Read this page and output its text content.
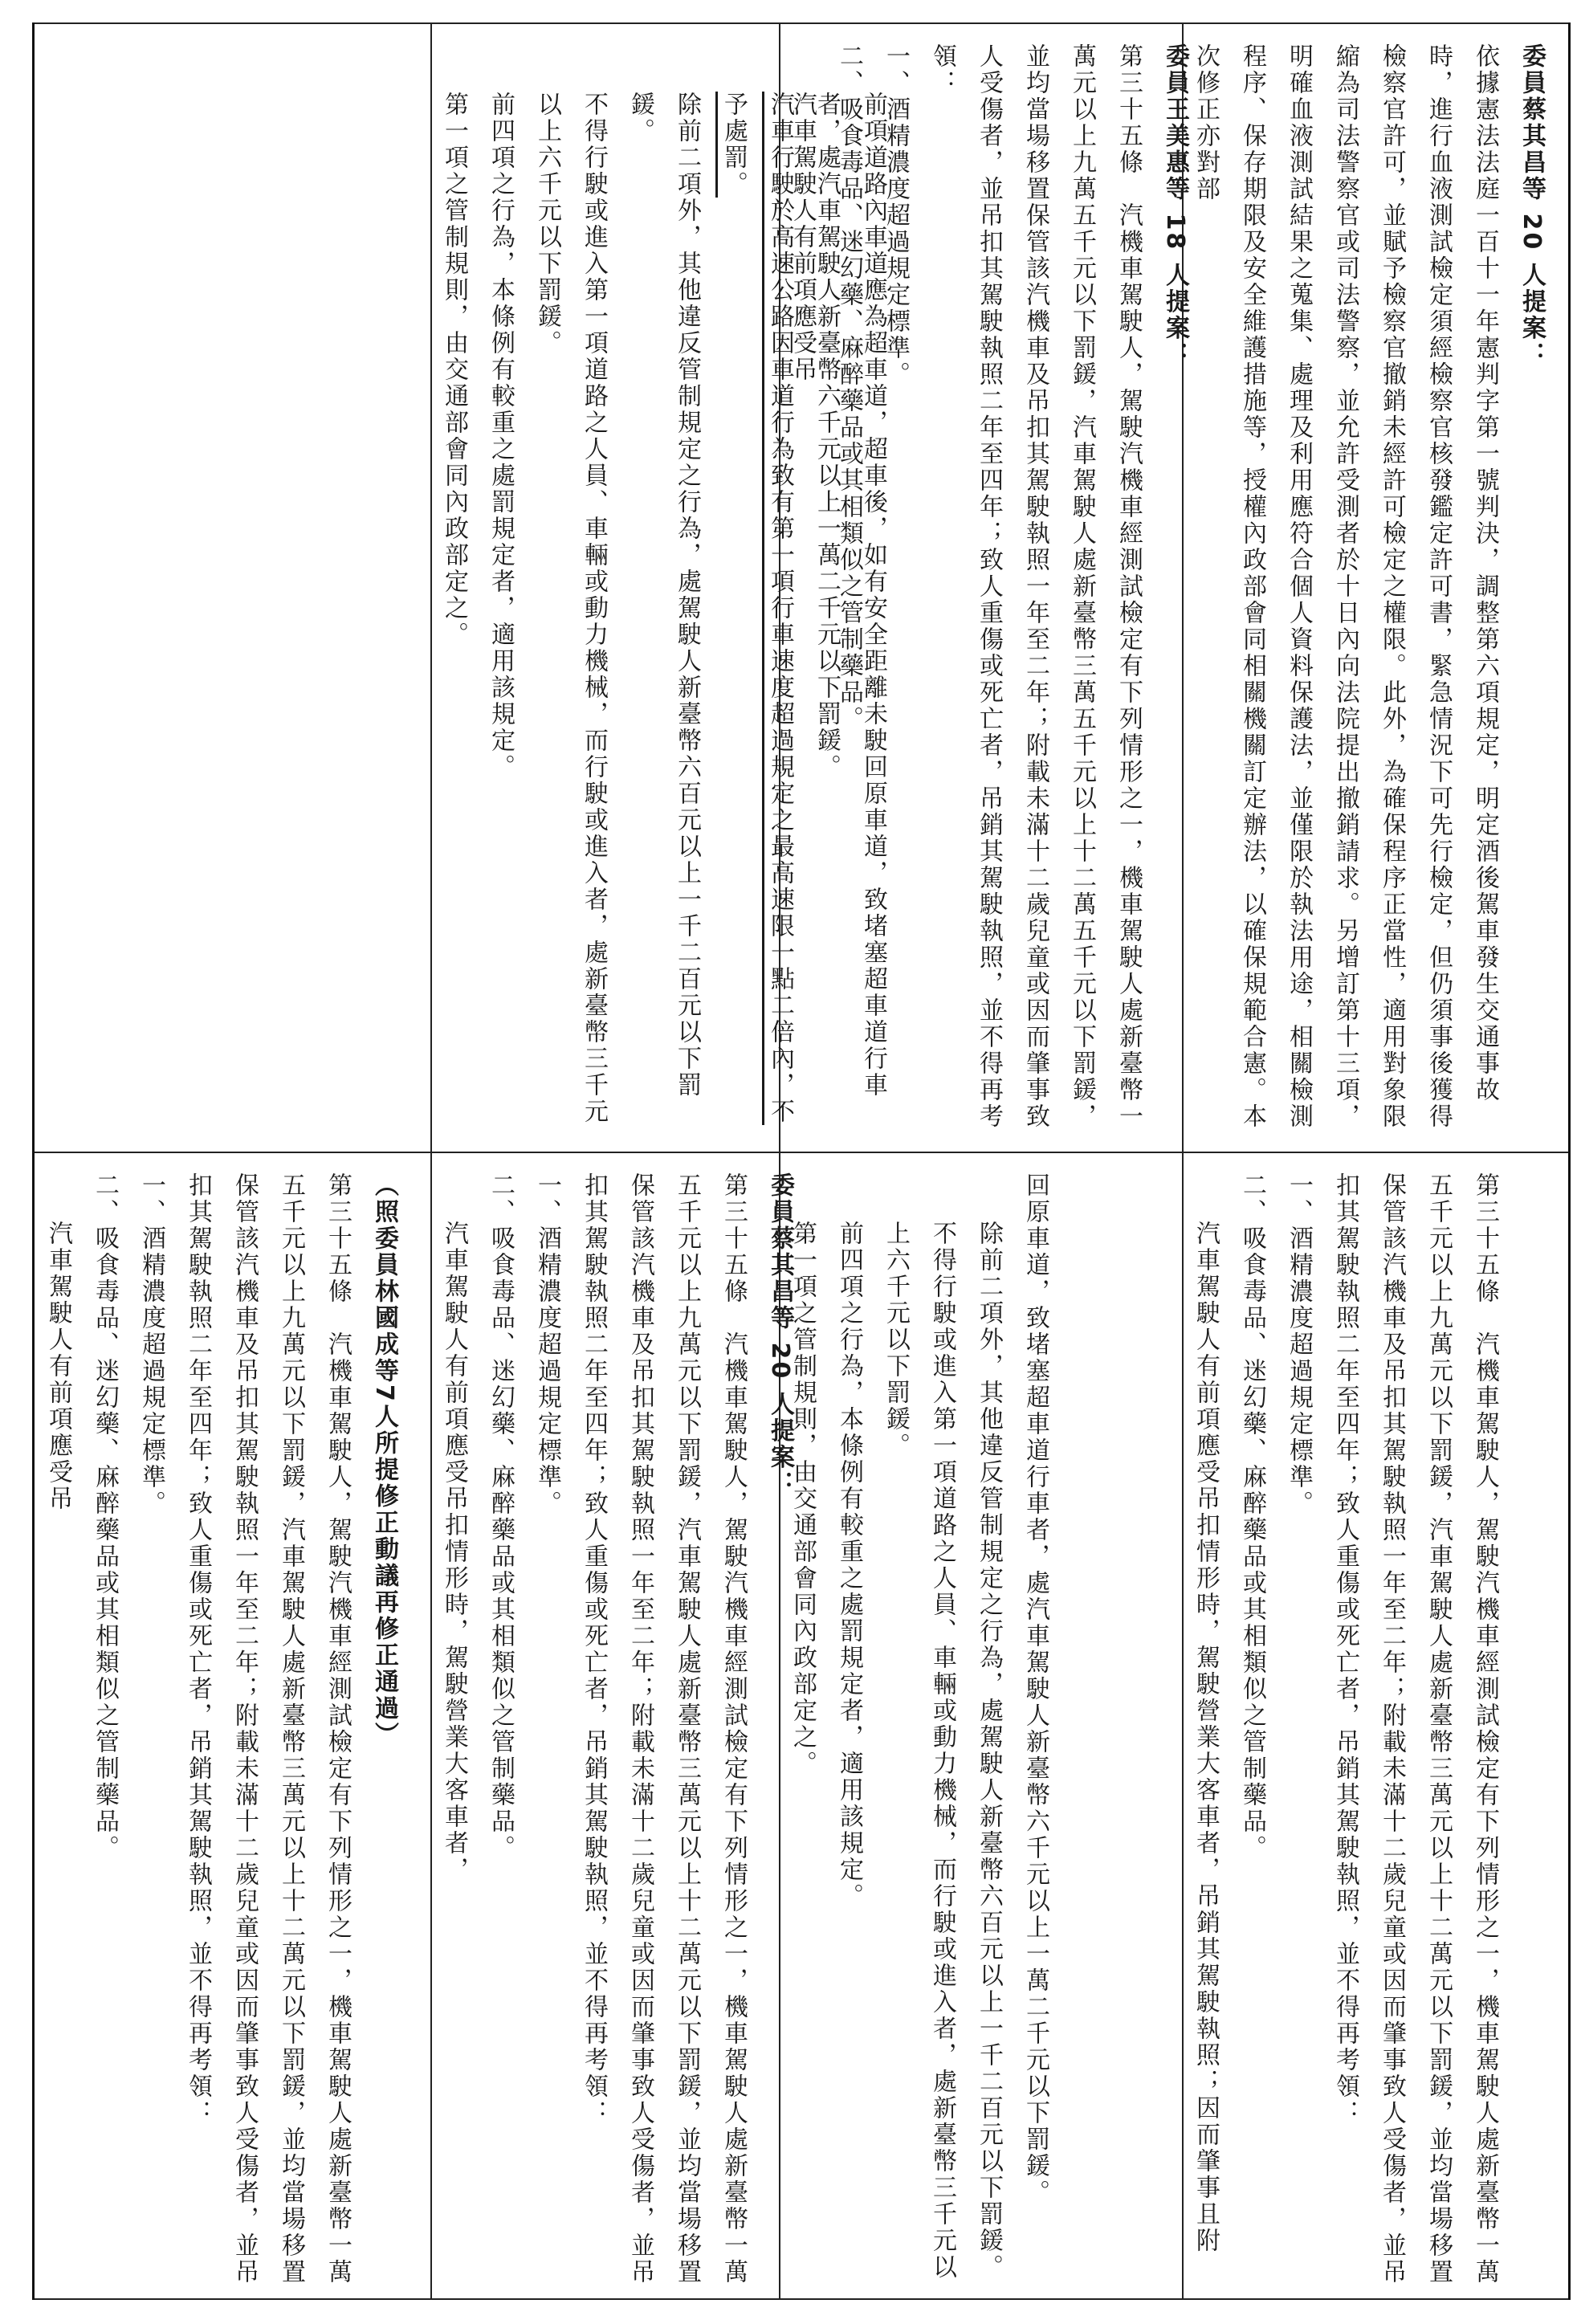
（照委員林國成等7人所提修正動議再修正通過）

第三十五條　汽機車駕駛人，駕駛汽機車經測試檢定有下列情形之一，機車駕駛人處新臺幣一萬五千元以上九萬元以下罰鍰，汽車駕駛人處新臺幣三萬元以上十二萬元以下罰鍰，並均當場移置保管該汽機車及吊扣其駕駛執照一年至二年；附載未滿十二歲兒童或因而肇事致人受傷者，並吊扣其駕駛執照二年至四年；致人重傷或死亡者，吊銷其駕駛執照，並不得再考領：

一、酒精濃度超過規定標準。

二、吸食毒品、迷幻藥、麻醉藥品或其相類似之管制藥品。

汽車駕駛人有前項應受吊

前項道路內車道應為超車道，超車後，如有安全距離未駛回原車道，致堵塞超車道行車者，處汽車駕駛人新臺幣六千元以上一萬二千元以下罰鍰。

汽車行駛於高速公路因車道行為致有第一項行車速度超過規定之最高速限一點二倍內，不予處罰。

除前二項外，其他違反管制規定之行為，處駕駛人新臺幣六百元以上一千二百元以下罰鍰。

不得行駛或進入第一項道路之人員、車輛或動力機械，而行駛或進入者，處新臺幣三千元以上六千元以下罰鍰。

前四項之行為，本條例有較重之處罰規定者，適用該規定。

第一項之管制規則，由交通部會同內政部定之。

委員蔡其昌等 20 人提案：

第三十五條　汽機車駕駛人，駕駛汽機車經測試檢定有下列情形之一，機車駕駛人處新臺幣一萬五千元以上九萬元以下罰鍰，汽車駕駛人處新臺幣三萬元以上十二萬元以下罰鍰，並均當場移置保管該汽機車及吊扣其駕駛執照一年至二年；附載未滿十二歲兒童或因而肇事致人受傷者，並吊扣其駕駛執照二年至四年；致人重傷或死亡者，吊銷其駕駛執照，並不得再考領：

一、酒精濃度超過規定標準。

二、吸食毒品、迷幻藥、麻醉藥品或其相類似之管制藥品。

汽車駕駛人有前項應受吊扣情形時，駕駛營業大客車者，

委員王美惠等 18 人提案：

第三十五條　汽機車駕駛人，駕駛汽機車經測試檢定有下列情形之一，機車駕駛人處新臺幣一萬元以上九萬五千元以下罰鍰，汽車駕駛人處新臺幣三萬五千元以上十二萬五千元以下罰鍰，並均當場移置保管該汽機車及吊扣其駕駛執照一年至二年；附載未滿十二歲兒童或因而肇事致人受傷者，並吊扣其駕駛執照二年至四年；致人重傷或死亡者，吊銷其駕駛執照，並不得再考領：

一、酒精濃度超過規定標準。

二、吸食毒品、迷幻藥、麻醉藥品或其相類似之管制藥品。

汽車駕駛人有前項應受吊

回原車道，致堵塞超車道行車者，處汽車駕駛人新臺幣六千元以上一萬二千元以下罰鍰。

除前二項外，其他違反管制規定之行為，處駕駛人新臺幣六百元以上一千二百元以下罰鍰。

不得行駛或進入第一項道路之人員、車輛或動力機械，而行駛或進入者，處新臺幣三千元以上六千元以下罰鍰。

前四項之行為，本條例有較重之處罰規定者，適用該規定。

第一項之管制規則，由交通部會同內政部定之。

委員蔡其昌等 20 人提案：

依據憲法法庭一百十一年憲判字第一號判決，調整第六項規定，明定酒後駕車發生交通事故時，進行血液測試檢定須經檢察官核發鑑定許可書，緊急情況下可先行檢定，但仍須事後獲得檢察官許可，並賦予檢察官撤銷未經許可檢定之權限。此外，為確保程序正當性，適用對象限縮為司法警察官或司法警察，並允許受測者於十日內向法院提出撤銷請求。另增訂第十三項，明確血液測試結果之蒐集、處理及利用應符合個人資料保護法，並僅限於執法用途，相關檢測程序、保存期限及安全維護措施等，授權內政部會同相關機關訂定辦法，以確保規範合憲。本次修正亦對部

第三十五條　汽機車駕駛人，駕駛汽機車經測試檢定有下列情形之一，機車駕駛人處新臺幣一萬五千元以上九萬元以下罰鍰，汽車駕駛人處新臺幣三萬元以上十二萬元以下罰鍰，並均當場移置保管該汽機車及吊扣其駕駛執照一年至二年；附載未滿十二歲兒童或因而肇事致人受傷者，並吊扣其駕駛執照二年至四年；致人重傷或死亡者，吊銷其駕駛執照，並不得再考領：

一、酒精濃度超過規定標準。

二、吸食毒品、迷幻藥、麻醉藥品或其相類似之管制藥品。

汽車駕駛人有前項應受吊扣情形時，駕駛營業大客車者，吊銷其駕駛執照；因而肇事且附
